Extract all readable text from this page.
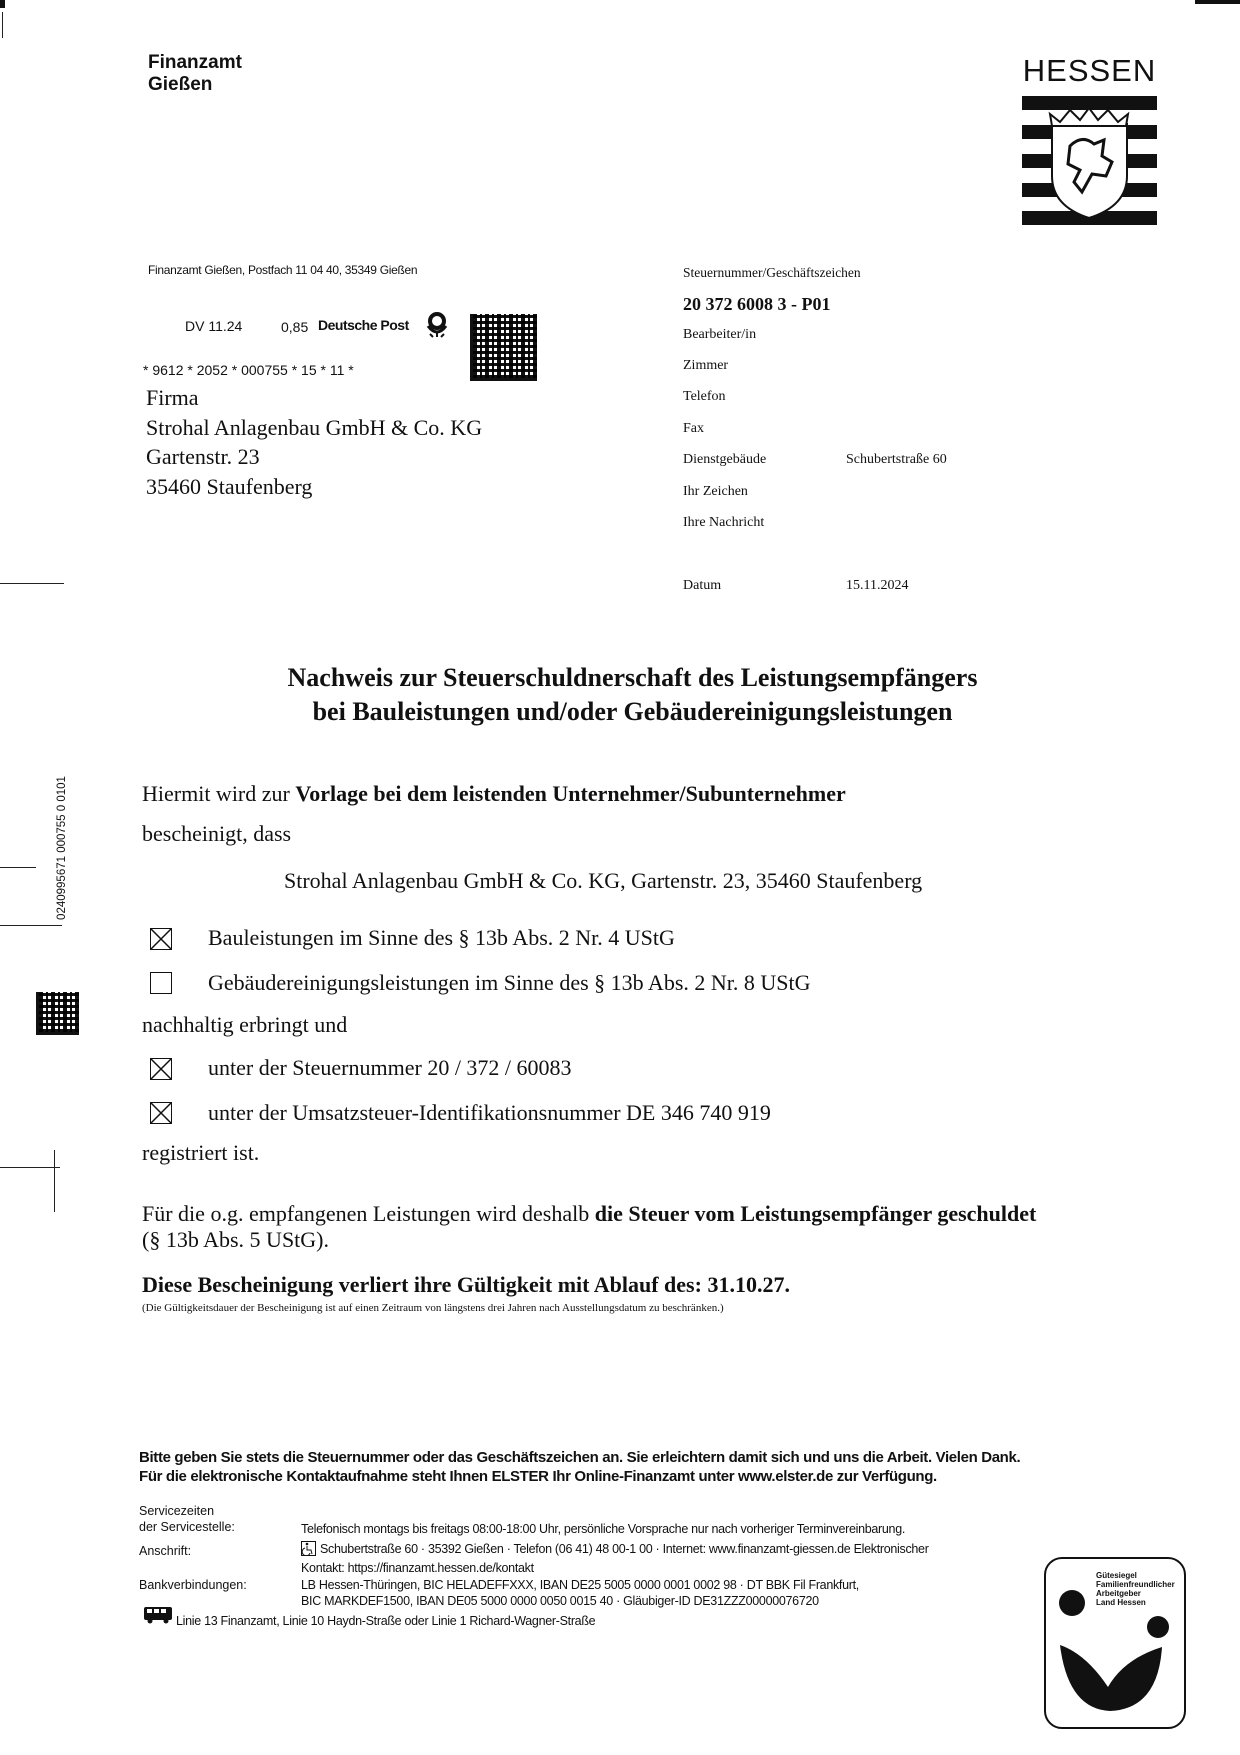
Finanzamt
Gießen	HESSEN
Finanzamt Gießen, Postfach 11 04 40, 35349 Gießen
DV 11.24	0,85 Deutsche Post
* 9612 * 2052 * 000755 * 15 * 11 *
Firma
Strohal Anlagenbau GmbH & Co. KG
Gartenstr. 23
35460 Staufenberg
Steuernummer/Geschäftszeichen
20 372 6008 3 - P01
Bearbeiter/in
Zimmer
Telefon
Fax
Dienstgebäude	Schubertstraße 60
Ihr Zeichen
Ihre Nachricht
Datum	15.11.2024
Nachweis zur Steuerschuldnerschaft des Leistungsempfängers
bei Bauleistungen und/oder Gebäudereinigungsleistungen
Hiermit wird zur Vorlage bei dem leistenden Unternehmer/Subunternehmer
bescheinigt, dass
Strohal Anlagenbau GmbH & Co. KG, Gartenstr. 23, 35460 Staufenberg
Bauleistungen im Sinne des § 13b Abs. 2 Nr. 4 UStG
Gebäudereinigungsleistungen im Sinne des § 13b Abs. 2 Nr. 8 UStG
nachhaltig erbringt und
unter der Steuernummer 20 / 372 / 60083
unter der Umsatzsteuer-Identifikationsnummer DE 346 740 919
registriert ist.
Für die o.g. empfangenen Leistungen wird deshalb die Steuer vom Leistungsempfänger geschuldet
(§ 13b Abs. 5 UStG).
Diese Bescheinigung verliert ihre Gültigkeit mit Ablauf des: 31.10.27.
(Die Gültigkeitsdauer der Bescheinigung ist auf einen Zeitraum von längstens drei Jahren nach Ausstellungsdatum zu beschränken.)
Bitte geben Sie stets die Steuernummer oder das Geschäftszeichen an. Sie erleichtern damit sich und uns die Arbeit. Vielen Dank.
Für die elektronische Kontaktaufnahme steht Ihnen ELSTER Ihr Online-Finanzamt unter www.elster.de zur Verfügung.
Servicezeiten
der Servicestelle:	Telefonisch montags bis freitags 08:00-18:00 Uhr, persönliche Vorsprache nur nach vorheriger Terminvereinbarung.
Anschrift:	Schubertstraße 60 · 35392 Gießen · Telefon (06 41) 48 00-1 00 · Internet: www.finanzamt-giessen.de Elektronischer
Kontakt: https://finanzamt.hessen.de/kontakt
Bankverbindungen:	LB Hessen-Thüringen, BIC HELADEFFXXX, IBAN DE25 5005 0000 0001 0002 98 · DT BBK Fil Frankfurt,
BIC MARKDEF1500, IBAN DE05 5000 0000 0050 0015 40 · Gläubiger-ID DE31ZZZ00000076720
Linie 13 Finanzamt, Linie 10 Haydn-Straße oder Linie 1 Richard-Wagner-Straße
Gütesiegel
Familienfreundlicher
Arbeitgeber
Land Hessen
0240995671 000755 0 0101
